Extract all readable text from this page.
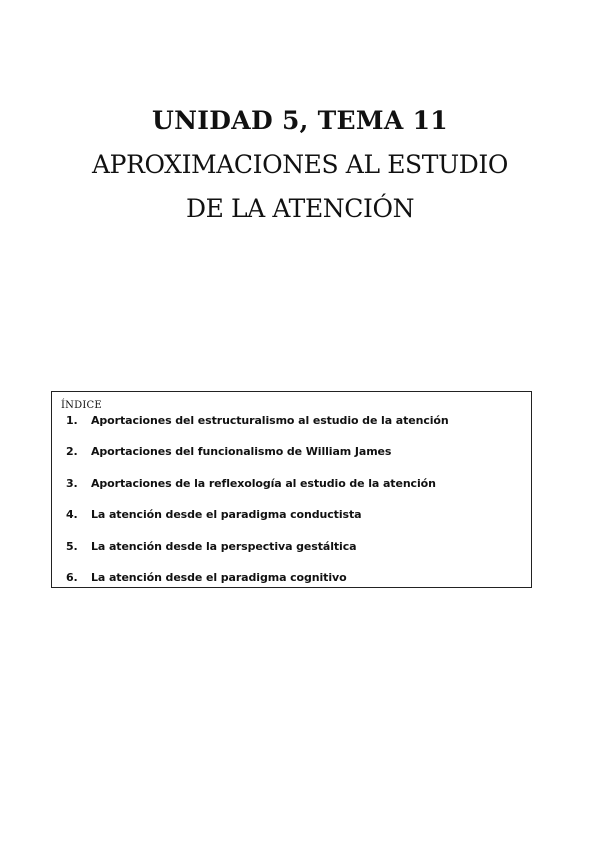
UNIDAD 5, TEMA 11
APROXIMACIONES AL ESTUDIO
DE LA ATENCIÓN
ÍNDICE
1. Aportaciones del estructuralismo al estudio de la atención
2. Aportaciones del funcionalismo de William James
3. Aportaciones de la reflexología al estudio de la atención
4. La atención desde el paradigma conductista
5. La atención desde la perspectiva gestáltica
6. La atención desde el paradigma cognitivo
